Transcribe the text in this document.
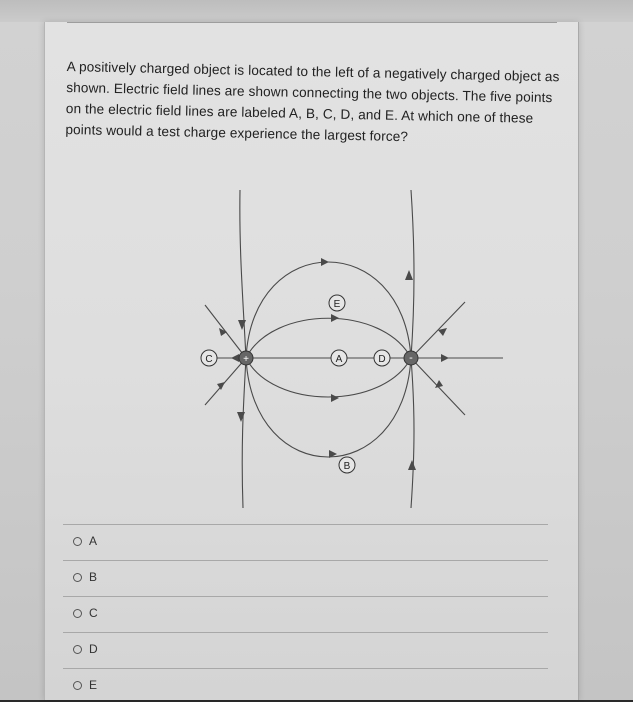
A positively charged object is located to the left of a negatively charged object as shown. Electric field lines are shown connecting the two objects. The five points on the electric field lines are labeled A, B, C, D, and E. At which one of these points would a test charge experience the largest force?
+	-
E
C	A	D
B
A
B
C
D
E
